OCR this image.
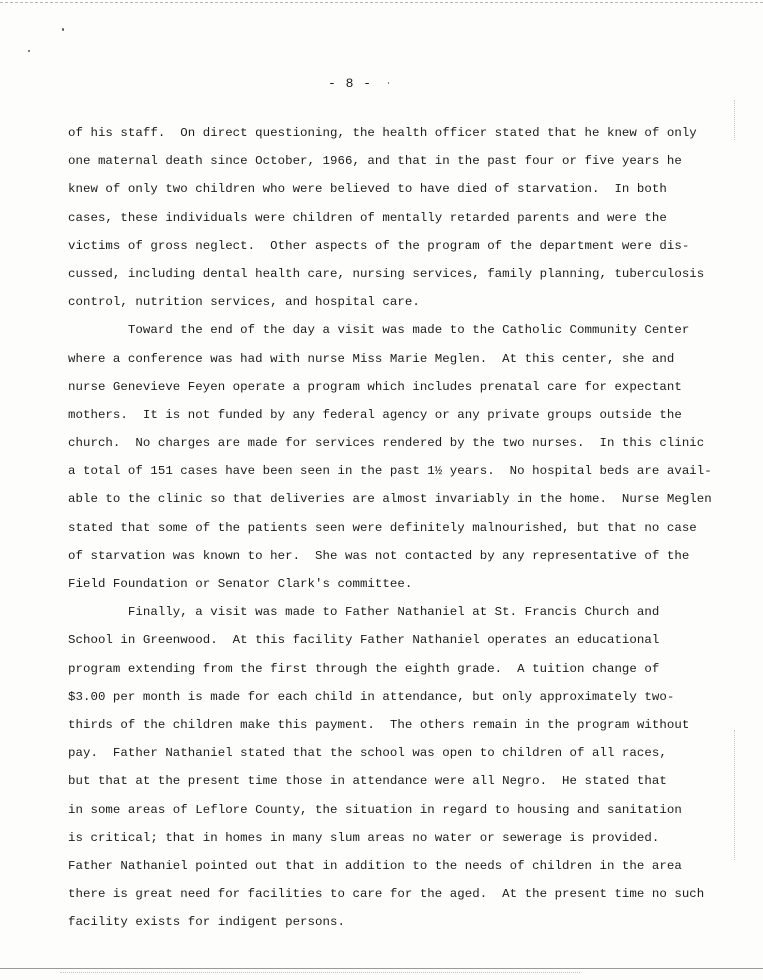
- 8 -
of his staff.  On direct questioning, the health officer stated that he knew of only
one maternal death since October, 1966, and that in the past four or five years he
knew of only two children who were believed to have died of starvation.  In both
cases, these individuals were children of mentally retarded parents and were the
victims of gross neglect.  Other aspects of the program of the department were dis-
cussed, including dental health care, nursing services, family planning, tuberculosis
control, nutrition services, and hospital care.
Toward the end of the day a visit was made to the Catholic Community Center
where a conference was had with nurse Miss Marie Meglen.  At this center, she and
nurse Genevieve Feyen operate a program which includes prenatal care for expectant
mothers.  It is not funded by any federal agency or any private groups outside the
church.  No charges are made for services rendered by the two nurses.  In this clinic
a total of 151 cases have been seen in the past 1½ years.  No hospital beds are avail-
able to the clinic so that deliveries are almost invariably in the home.  Nurse Meglen
stated that some of the patients seen were definitely malnourished, but that no case
of starvation was known to her.  She was not contacted by any representative of the
Field Foundation or Senator Clark's committee.
Finally, a visit was made to Father Nathaniel at St. Francis Church and
School in Greenwood.  At this facility Father Nathaniel operates an educational
program extending from the first through the eighth grade.  A tuition change of
$3.00 per month is made for each child in attendance, but only approximately two-
thirds of the children make this payment.  The others remain in the program without
pay.  Father Nathaniel stated that the school was open to children of all races,
but that at the present time those in attendance were all Negro.  He stated that
in some areas of Leflore County, the situation in regard to housing and sanitation
is critical; that in homes in many slum areas no water or sewerage is provided.
Father Nathaniel pointed out that in addition to the needs of children in the area
there is great need for facilities to care for the aged.  At the present time no such
facility exists for indigent persons.
